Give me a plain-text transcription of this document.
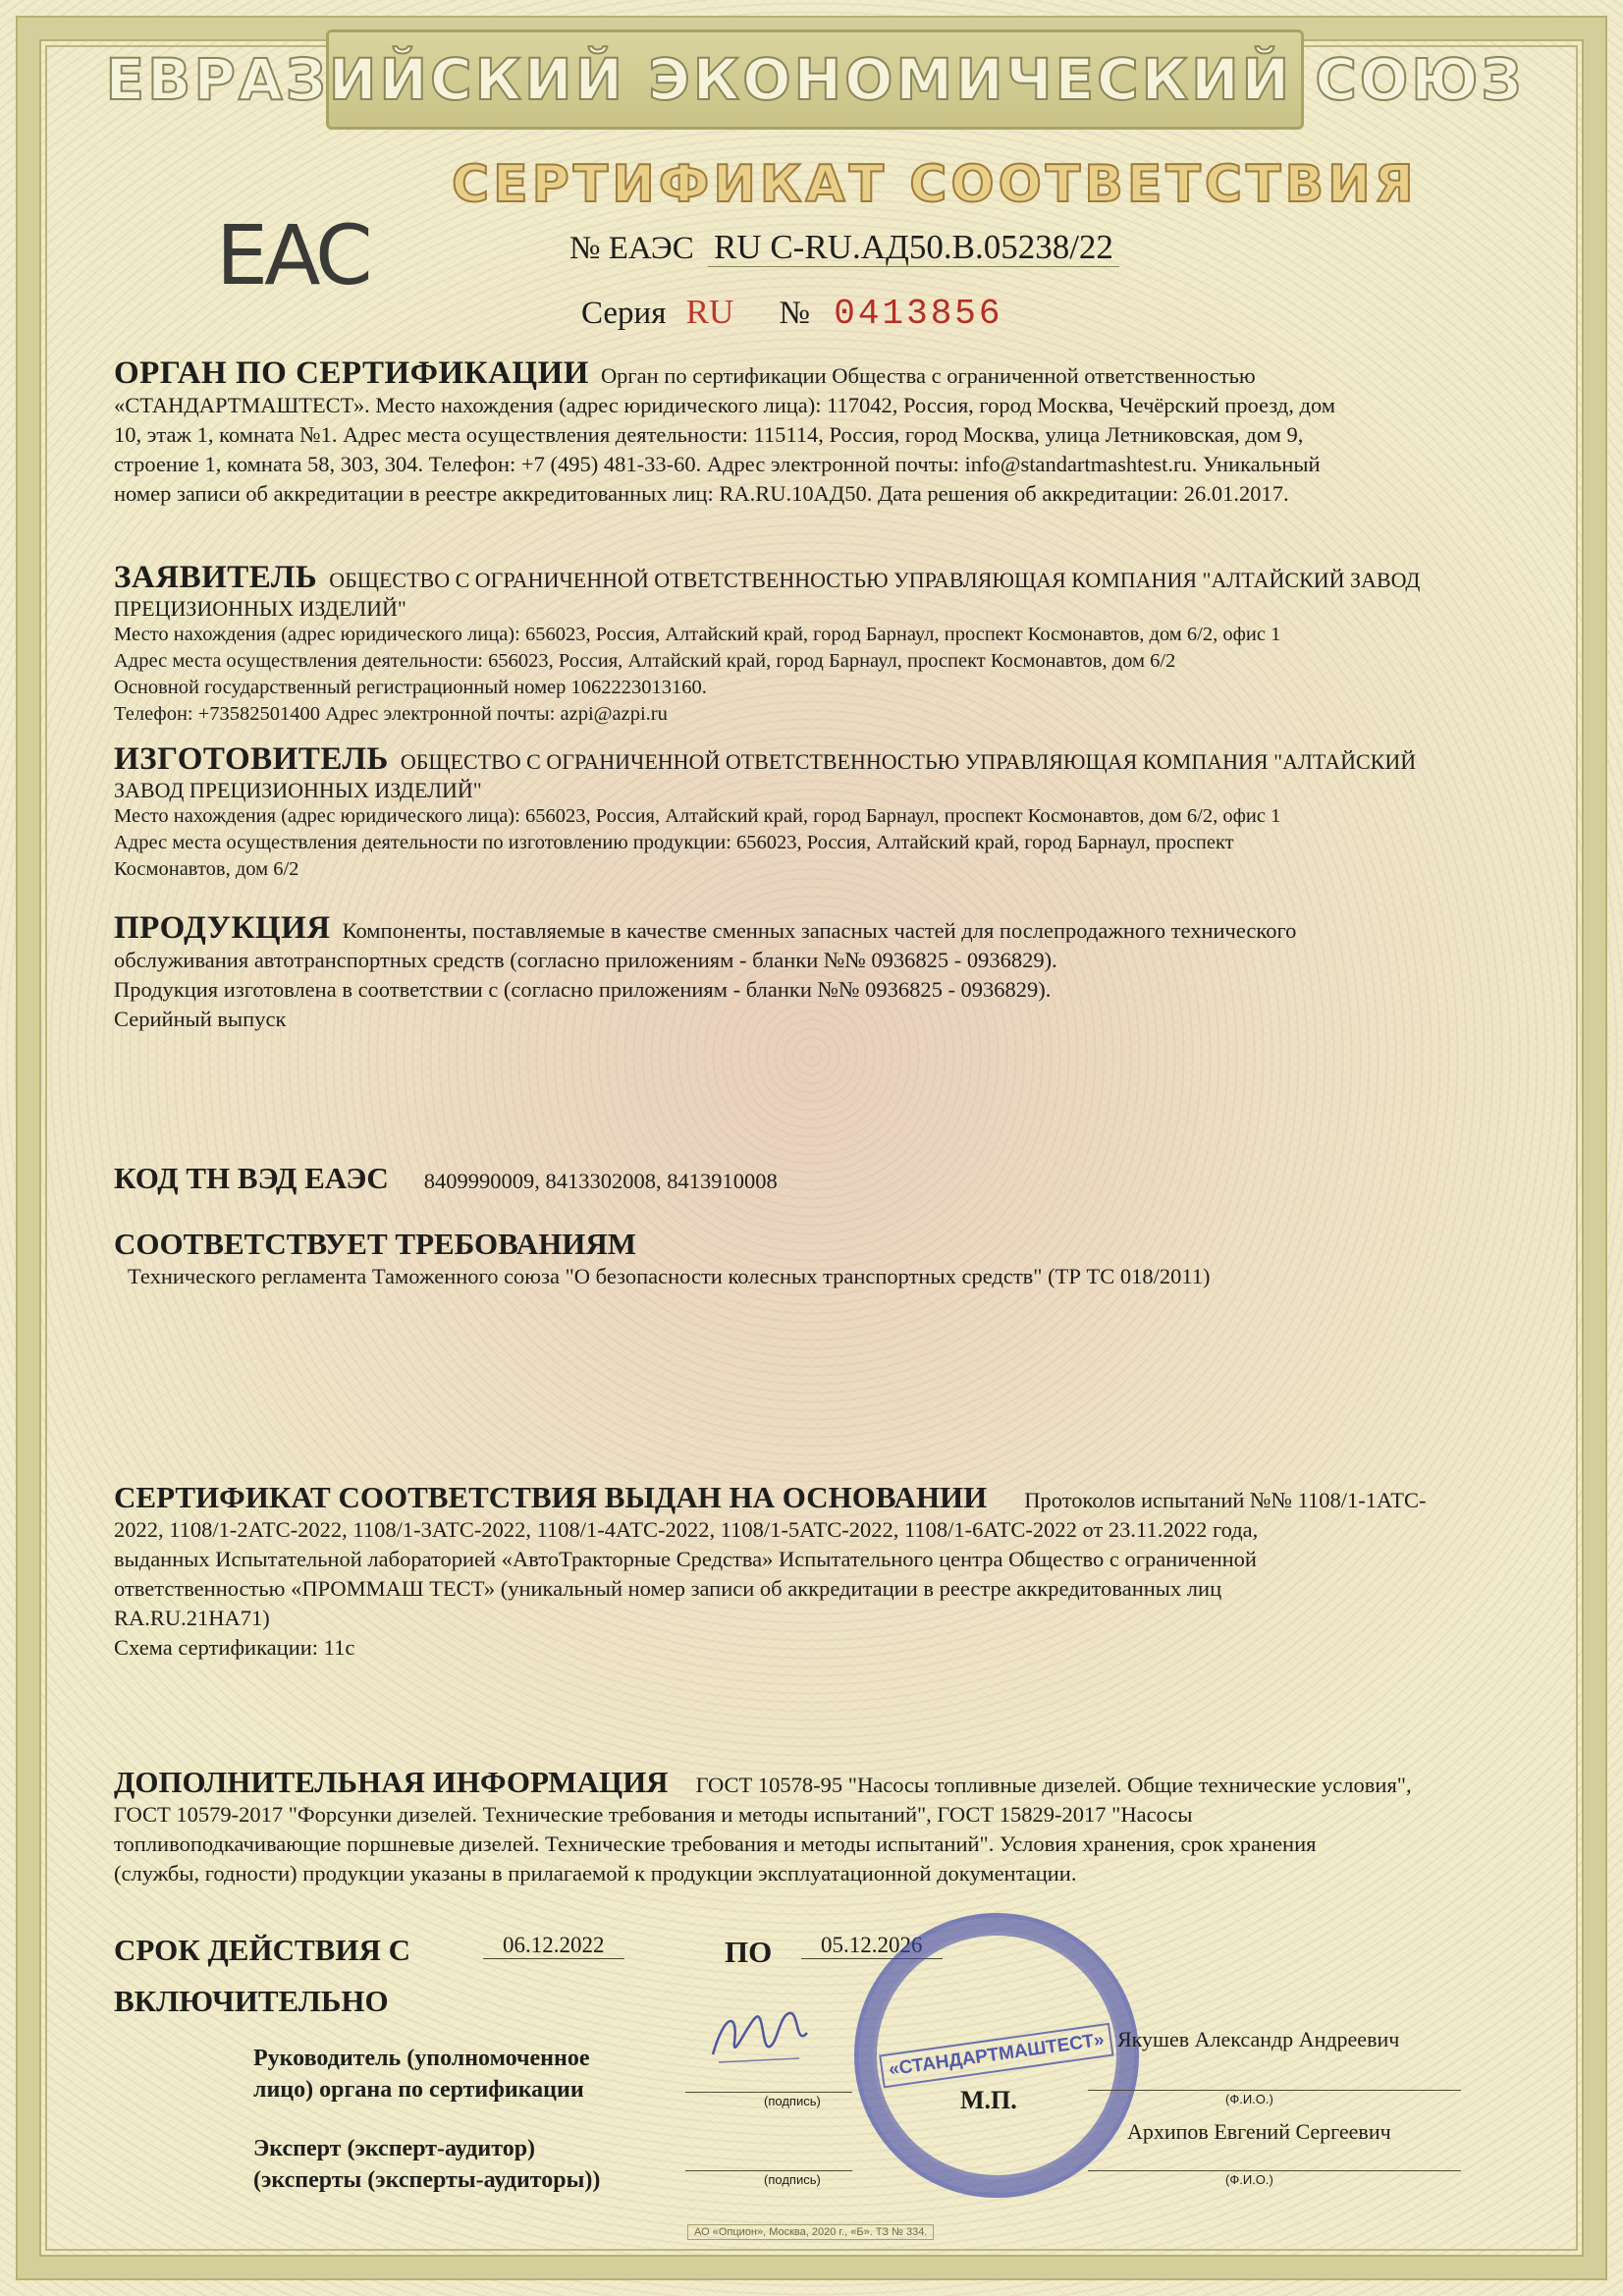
ЕВРАЗИЙСКИЙ ЭКОНОМИЧЕСКИЙ СОЮЗ
СЕРТИФИКАТ СООТВЕТСТВИЯ
EAC	№ ЕАЭС RU C-RU.АД50.В.05238/22
Серия RU № 0413856
ОРГАН ПО СЕРТИФИКАЦИИ Орган по сертификации Общества с ограниченной ответственностью
«СТАНДАРТМАШТЕСТ». Место нахождения (адрес юридического лица): 117042, Россия, город Москва, Чечёрский проезд, дом
10, этаж 1, комната №1. Адрес места осуществления деятельности: 115114, Россия, город Москва, улица Летниковская, дом 9,
строение 1, комната 58, 303, 304. Телефон: +7 (495) 481-33-60. Адрес электронной почты: info@standartmashtest.ru. Уникальный
номер записи об аккредитации в реестре аккредитованных лиц: RA.RU.10АД50. Дата решения об аккредитации: 26.01.2017.
ЗАЯВИТЕЛЬ ОБЩЕСТВО С ОГРАНИЧЕННОЙ ОТВЕТСТВЕННОСТЬЮ УПРАВЛЯЮЩАЯ КОМПАНИЯ "АЛТАЙСКИЙ ЗАВОД
ПРЕЦИЗИОННЫХ ИЗДЕЛИЙ"
Место нахождения (адрес юридического лица): 656023, Россия, Алтайский край, город Барнаул, проспект Космонавтов, дом 6/2, офис 1
Адрес места осуществления деятельности: 656023, Россия, Алтайский край, город Барнаул, проспект Космонавтов, дом 6/2
Основной государственный регистрационный номер 1062223013160.
Телефон: +73582501400 Адрес электронной почты: azpi@azpi.ru
ИЗГОТОВИТЕЛЬ ОБЩЕСТВО С ОГРАНИЧЕННОЙ ОТВЕТСТВЕННОСТЬЮ УПРАВЛЯЮЩАЯ КОМПАНИЯ "АЛТАЙСКИЙ
ЗАВОД ПРЕЦИЗИОННЫХ ИЗДЕЛИЙ"
Место нахождения (адрес юридического лица): 656023, Россия, Алтайский край, город Барнаул, проспект Космонавтов, дом 6/2, офис 1
Адрес места осуществления деятельности по изготовлению продукции: 656023, Россия, Алтайский край, город Барнаул, проспект
Космонавтов, дом 6/2
ПРОДУКЦИЯ Компоненты, поставляемые в качестве сменных запасных частей для послепродажного технического
обслуживания автотранспортных средств (согласно приложениям - бланки №№ 0936825 - 0936829).
Продукция изготовлена в соответствии с (согласно приложениям - бланки №№ 0936825 - 0936829).
Серийный выпуск
КОД ТН ВЭД ЕАЭС 8409990009, 8413302008, 8413910008
СООТВЕТСТВУЕТ ТРЕБОВАНИЯМ
Технического регламента Таможенного союза "О безопасности колесных транспортных средств" (ТР ТС 018/2011)
СЕРТИФИКАТ СООТВЕТСТВИЯ ВЫДАН НА ОСНОВАНИИ Протоколов испытаний №№ 1108/1-1АТС-
2022, 1108/1-2АТС-2022, 1108/1-3АТС-2022, 1108/1-4АТС-2022, 1108/1-5АТС-2022, 1108/1-6АТС-2022 от 23.11.2022 года,
выданных Испытательной лабораторией «АвтоТракторные Средства» Испытательного центра Общество с ограниченной
ответственностью «ПРОММАШ ТЕСТ» (уникальный номер записи об аккредитации в реестре аккредитованных лиц
RA.RU.21НА71)
Схема сертификации: 11с
ДОПОЛНИТЕЛЬНАЯ ИНФОРМАЦИЯ ГОСТ 10578-95 "Насосы топливные дизелей. Общие технические условия",
ГОСТ 10579-2017 "Форсунки дизелей. Технические требования и методы испытаний", ГОСТ 15829-2017 "Насосы
топливоподкачивающие поршневые дизелей. Технические требования и методы испытаний". Условия хранения, срок хранения
(службы, годности) продукции указаны в прилагаемой к продукции эксплуатационной документации.
СРОК ДЕЙСТВИЯ С	06.12.2022	ПО	05.12.2026
ВКЛЮЧИТЕЛЬНО
«СТАНДАРТМАШТЕСТ»
Руководитель (уполномоченное
лицо) органа по сертификации	(подпись)
Якушев Александр Андреевич
(Ф.И.О.)
М.П.
Эксперт (эксперт-аудитор)
(эксперты (эксперты-аудиторы))	(подпись)
Архипов Евгений Сергеевич
(Ф.И.О.)
АО «Опцион», Москва, 2020 г., «Б». ТЗ № 334.
